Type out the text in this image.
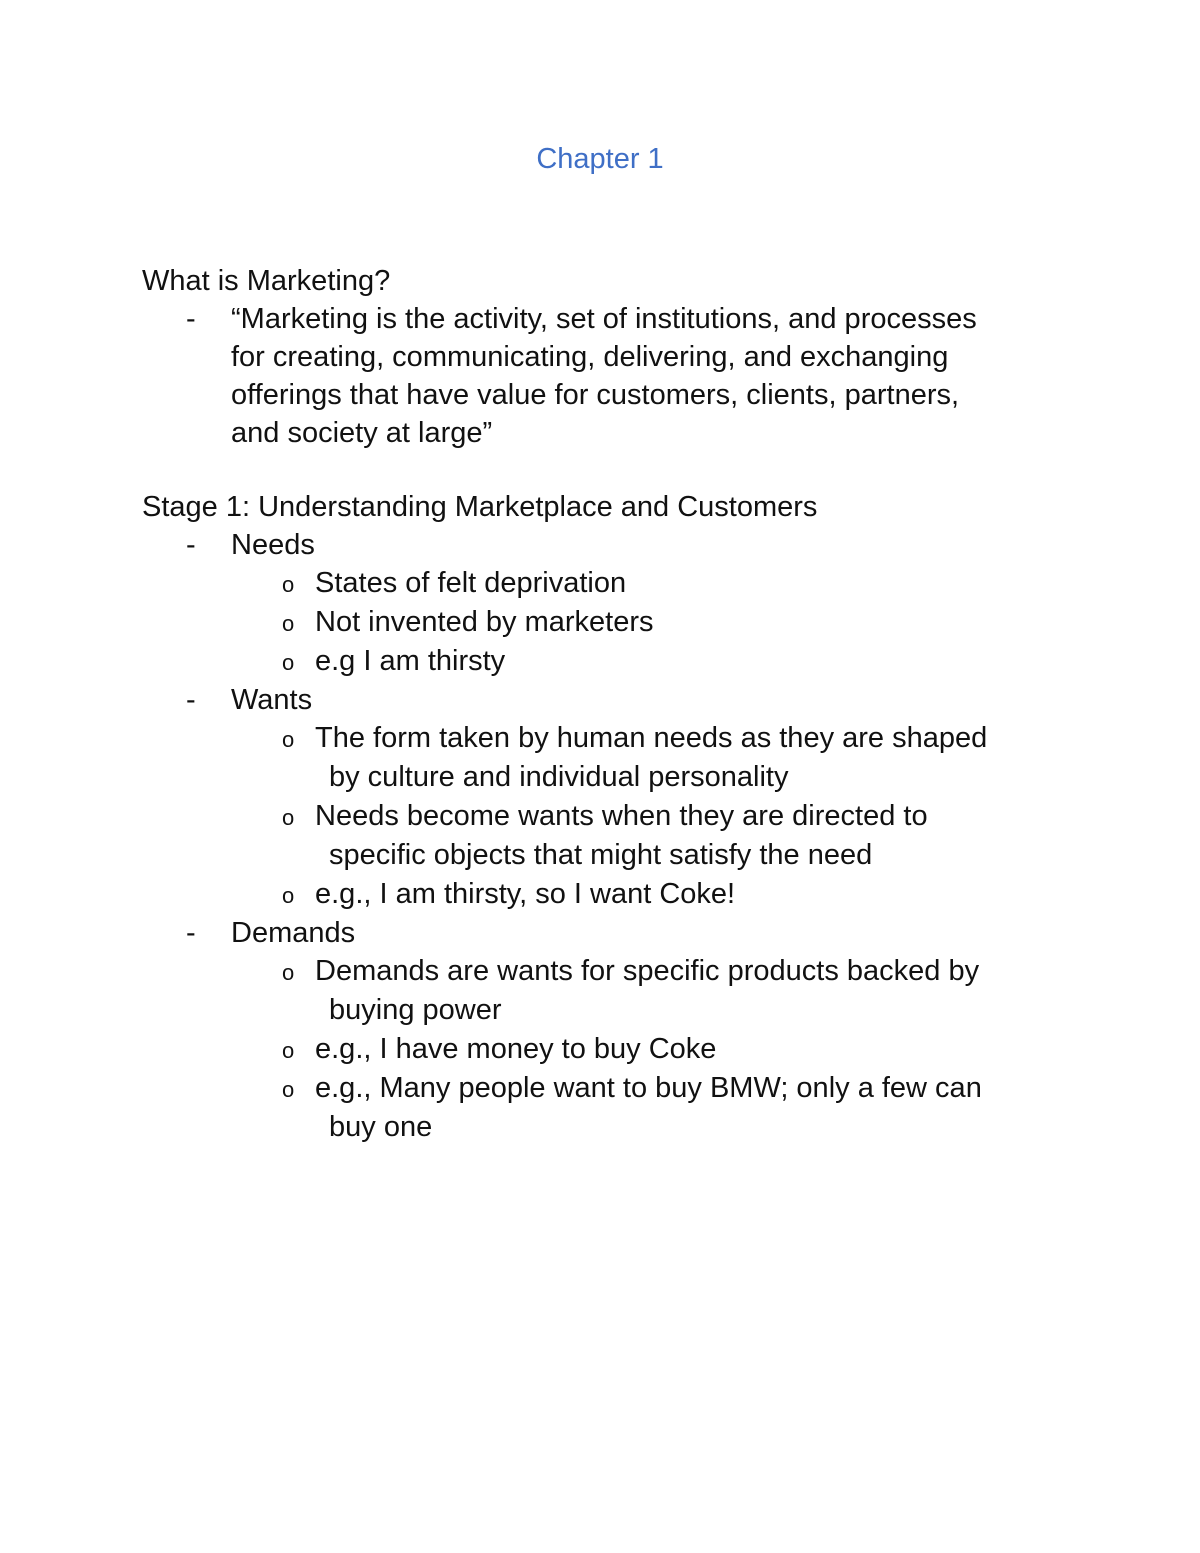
Chapter 1
What is Marketing?
- “Marketing is the activity, set of institutions, and processes
for creating, communicating, delivering, and exchanging
offerings that have value for customers, clients, partners,
and society at large”
Stage 1: Understanding Marketplace and Customers
- Needs
o States of felt deprivation
o Not invented by marketers
o e.g I am thirsty
- Wants
o The form taken by human needs as they are shaped
by culture and individual personality
o Needs become wants when they are directed to
specific objects that might satisfy the need
o e.g., I am thirsty, so I want Coke!
- Demands
o Demands are wants for specific products backed by
buying power
o e.g., I have money to buy Coke
o e.g., Many people want to buy BMW; only a few can
buy one
